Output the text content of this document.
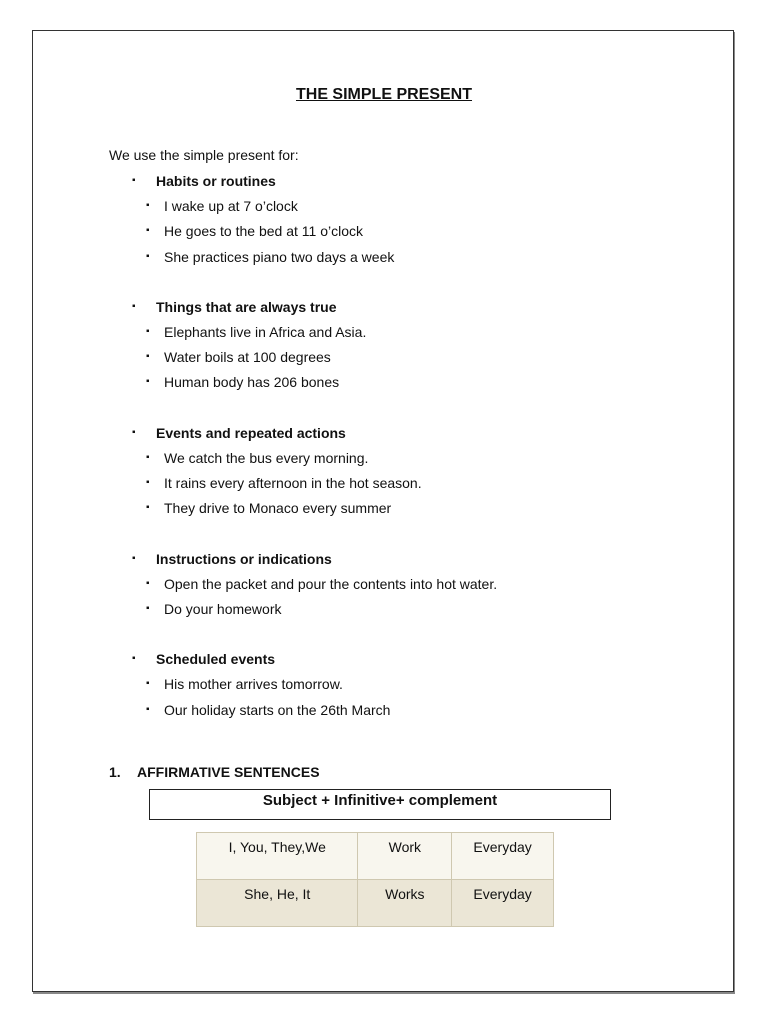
THE SIMPLE PRESENT
We use the simple present for:
▪ Habits or routines
▪ I wake up at 7 o’clock
▪ He goes to the bed at 11 o’clock
▪ She practices piano two days a week
▪ Things that are always true
▪ Elephants live in Africa and Asia.
▪ Water boils at 100 degrees
▪ Human body has 206 bones
▪ Events and repeated actions
▪ We catch the bus every morning.
▪ It rains every afternoon in the hot season.
▪ They drive to Monaco every summer
▪ Instructions or indications
▪ Open the packet and pour the contents into hot water.
▪ Do your homework
▪ Scheduled events
▪ His mother arrives tomorrow.
▪ Our holiday starts on the 26th March
1. AFFIRMATIVE SENTENCES
Subject + Infinitive+ complement
I, You, They,We	Work	Everyday
She, He, It	Works	Everyday
